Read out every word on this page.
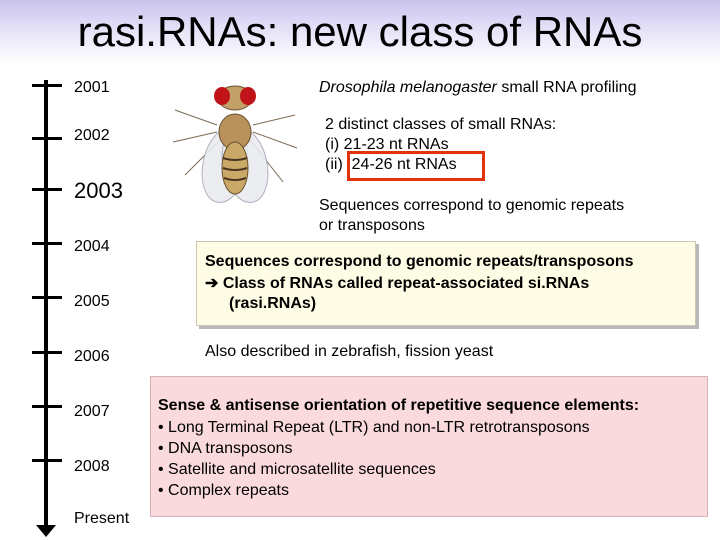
rasi.RNAs: new class of RNAs
2001
2002
2003
2004
2005
2006
2007
2008
Present
Drosophila melanogaster small RNA profiling
2 distinct classes of small RNAs:
(i) 21-23 nt RNAs
(ii)  24-26 nt RNAs
Sequences correspond to genomic repeats
or transposons
Sequences correspond to genomic repeats/transposons
➔ Class of RNAs called repeat-associated si.RNAs
(rasi.RNAs)
Also described in zebrafish, fission yeast
Sense & antisense orientation of repetitive sequence elements:
• Long Terminal Repeat (LTR) and non-LTR retrotransposons
• DNA transposons
• Satellite and microsatellite sequences
• Complex repeats
